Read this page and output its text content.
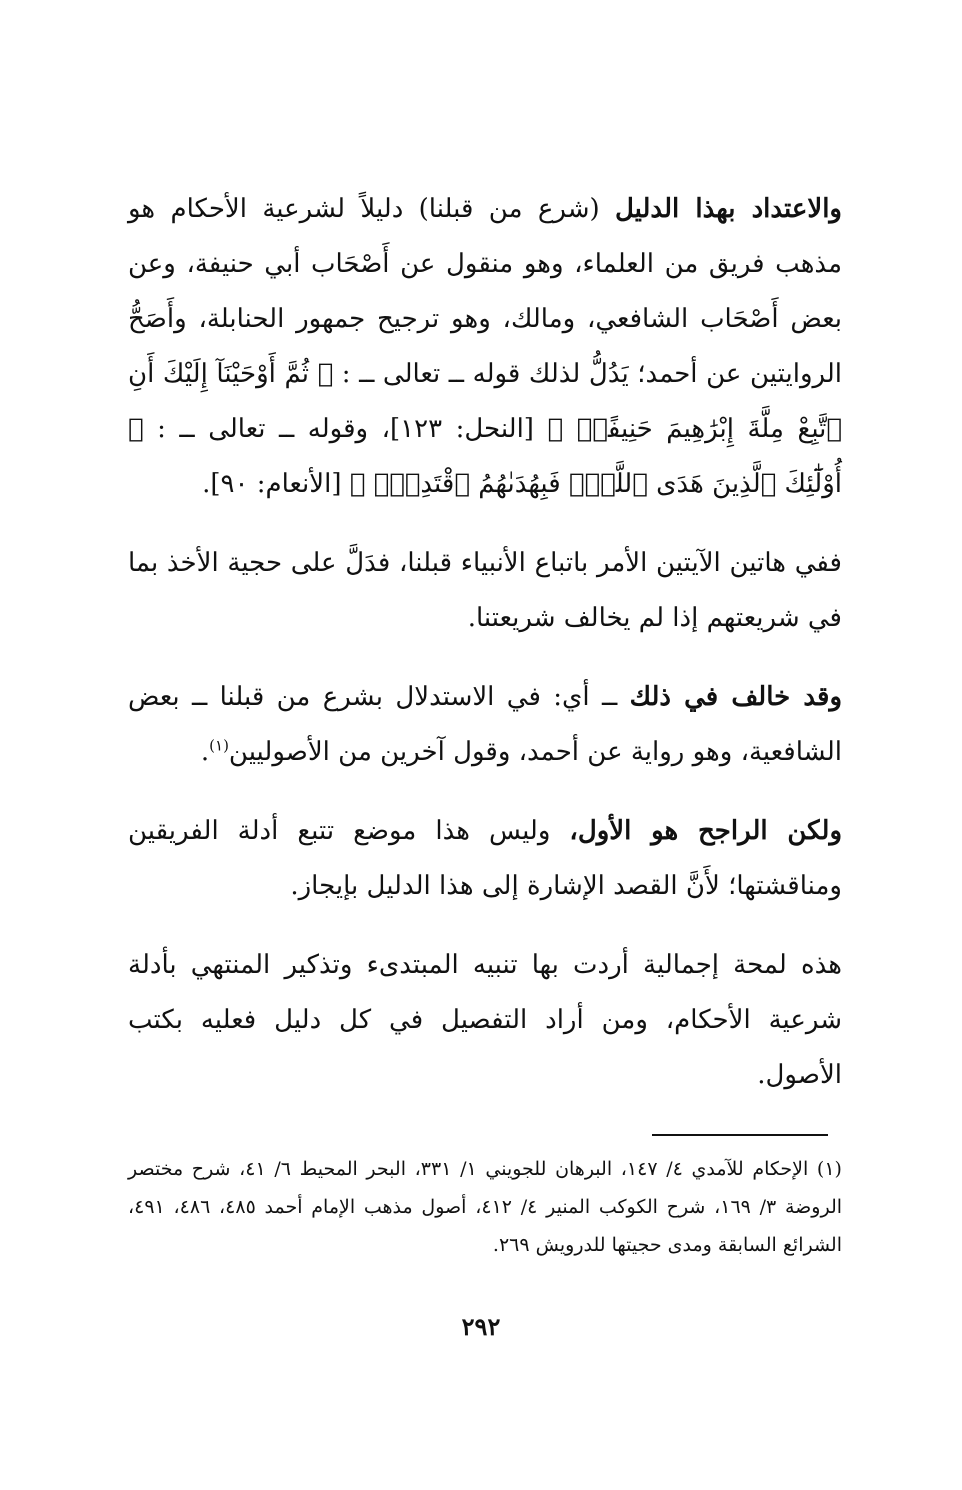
والاعتداد بهذا الدليل (شرع من قبلنا) دليلاً لشرعية الأحكام هو مذهب فريق من العلماء، وهو منقول عن أَصْحَاب أبي حنيفة، وعن بعض أَصْحَاب الشافعي، ومالك، وهو ترجيح جمهور الحنابلة، وأَصَحُّ الروايتين عن أحمد؛ يَدُلُّ لذلك قوله ــ تعالى ــ : ﴿ ثُمَّ أَوْحَيْنَآ إِلَيْكَ أَنِ ٱتَّبِعْ مِلَّةَ إِبْرَٰهِيمَ حَنِيفًاۖ ﴾ [النحل: ١٢٣]، وقوله ــ تعالى ــ : ﴿ أُوْلَٰٓئِكَ ٱلَّذِينَ هَدَى ٱللَّهُۖ فَبِهُدَىٰهُمُ ٱقْتَدِهْۗ ﴾ [الأنعام: ٩٠].

ففي هاتين الآيتين الأمر باتباع الأنبياء قبلنا، فدَلَّ على حجية الأخذ بما في شريعتهم إذا لم يخالف شريعتنا.

وقد خالف في ذلك ــ أي: في الاستدلال بشرع من قبلنا ــ بعض الشافعية، وهو رواية عن أحمد، وقول آخرين من الأصوليين$^{(١)}$.

ولكن الراجح هو الأول، وليس هذا موضع تتبع أدلة الفريقين ومناقشتها؛ لأَنَّ القصد الإشارة إلى هذا الدليل بإيجاز.

هذه لمحة إجمالية أردت بها تنبيه المبتدىء وتذكير المنتهي بأدلة شرعية الأحكام، ومن أراد التفصيل في كل دليل فعليه بكتب الأصول.

(١) الإحكام للآمدي ٤/ ١٤٧، البرهان للجويني ١/ ٣٣١، البحر المحيط ٦/ ٤١، شرح مختصر الروضة ٣/ ١٦٩، شرح الكوكب المنير ٤/ ٤١٢، أصول مذهب الإمام أحمد ٤٨٥، ٤٨٦، ٤٩١، الشرائع السابقة ومدى حجيتها للدرويش ٢٦٩.

٢٩٢
